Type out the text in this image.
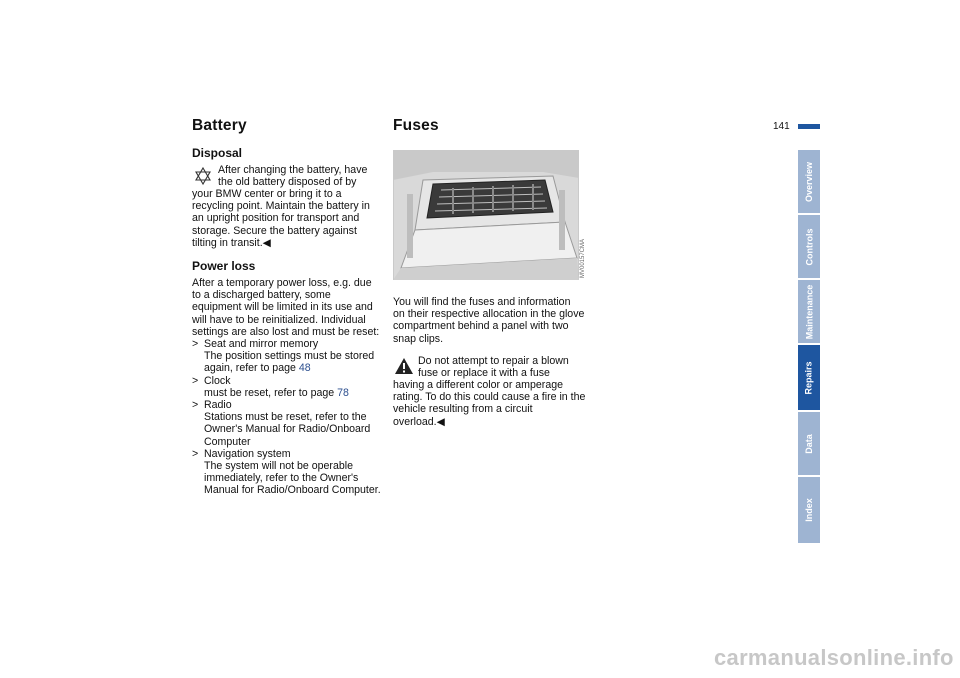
141
Battery
Disposal
After changing the battery, have the old battery disposed of by
your BMW center or bring it to a recycling point. Maintain the battery in an upright position for transport and storage. Secure the battery against tilting in transit.◀
Power loss
After a temporary power loss, e.g. due to a discharged battery, some equipment will be limited in its use and will have to be reinitialized. Individual settings are also lost and must be reset:
> Seat and mirror memory
The position settings must be stored again, refer to page 48
> Clock
must be reset, refer to page 78
> Radio
Stations must be reset, refer to the Owner's Manual for Radio/Onboard Computer
> Navigation system
The system will not be operable immediately, refer to the Owner's Manual for Radio/Onboard Computer.
Fuses
MV00157CMA
You will find the fuses and information on their respective allocation in the glove compartment behind a panel with two snap clips.
Do not attempt to repair a blown fuse or replace it with a fuse
having a different color or amperage rating. To do this could cause a fire in the vehicle resulting from a circuit overload.◀
Overview
Controls
Maintenance
Repairs
Data
Index
carmanualsonline.info
